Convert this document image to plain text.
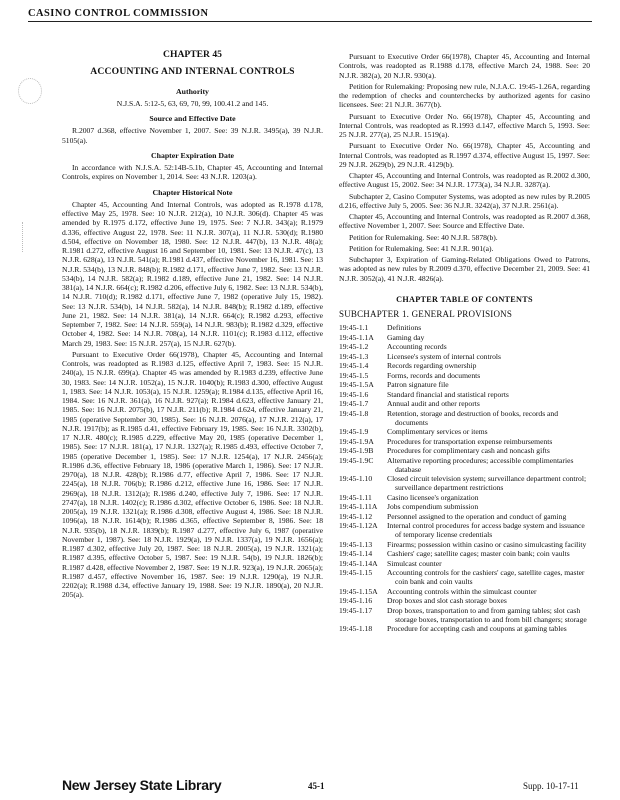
CASINO CONTROL COMMISSION
CHAPTER 45
ACCOUNTING AND INTERNAL CONTROLS
Authority
N.J.S.A. 5:12-5, 63, 69, 70, 99, 100.41.2 and 145.
Source and Effective Date

R.2007 d.368, effective November 1, 2007. See: 39 N.J.R. 3495(a), 39 N.J.R. 5105(a).

Chapter Expiration Date

In accordance with N.J.S.A. 52:14B-5.1b, Chapter 45, Accounting and Internal Controls, expires on November 1, 2014. See: 43 N.J.R. 1203(a).

Chapter Historical Note

Chapter 45, Accounting And Internal Controls, was adopted as R.1978 d.178, effective May 25, 1978. See: 10 N.J.R. 212(a), 10 N.J.R. 306(d). Chapter 45 was amended by R.1975 d.172, effective June 19, 1975. See: 7 N.J.R. 343(a); R.1979 d.336, effective August 22, 1978. See: 11 N.J.R. 307(a), 11 N.J.R. 530(d); R.1980 d.504, effective on November 18, 1980. See: 12 N.J.R. 447(b), 13 N.J.R. 48(a); R.1981 d.272, effective August 16 and September 10, 1981. See: 13 N.J.R. 47(c), 13 N.J.R. 628(a), 13 N.J.R. 541(a); R.1981 d.437, effective November 16, 1981. See: 13 N.J.R. 534(b), 13 N.J.R. 848(b); R.1982 d.171, effective June 7, 1982. See: 13 N.J.R. 534(b), 14 N.J.R. 582(a); R.1982 d.189, effective June 21, 1982. See: 14 N.J.R. 381(a), 14 N.J.R. 664(c); R.1982 d.206, effective July 6, 1982. See: 13 N.J.R. 534(b), 14 N.J.R. 710(d); R.1982 d.171, effective June 7, 1982 (operative July 15, 1982). See: 13 N.J.R. 534(b), 14 N.J.R. 582(a), 14 N.J.R. 848(b); R.1982 d.189, effective June 21, 1982. See: 14 N.J.R. 381(a), 14 N.J.R. 664(c); R.1982 d.293, effective September 7, 1982. See: 14 N.J.R. 559(a), 14 N.J.R. 983(b); R.1982 d.329, effective October 4, 1982. See: 14 N.J.R. 708(a), 14 N.J.R. 1101(c); R.1983 d.112, effective March 29, 1983. See: 15 N.J.R. 257(a), 15 N.J.R. 627(b).

Pursuant to Executive Order 66(1978), Chapter 45, Accounting and Internal Controls, was readopted as R.1983 d.125, effective April 7, 1983. See: 15 N.J.R. 240(a), 15 N.J.R. 699(a). Chapter 45 was amended by R.1983 d.239, effective June 30, 1983. See: 14 N.J.R. 1052(a), 15 N.J.R. 1040(b); R.1983 d.300, effective August 1, 1983. See: 14 N.J.R. 1053(a), 15 N.J.R. 1259(a); R.1984 d.135, effective April 16, 1984. See: 16 N.J.R. 361(a), 16 N.J.R. 927(a); R.1984 d.623, effective January 21, 1985. See: 16 N.J.R. 2075(b), 17 N.J.R. 211(b); R.1984 d.624, effective January 21, 1985 (operative September 30, 1985). See: 16 N.J.R. 2076(a), 17 N.J.R. 212(a), 17 N.J.R. 1917(b); as R.1985 d.41, effective February 19, 1985. See: 16 N.J.R. 3302(b), 17 N.J.R. 480(c); R.1985 d.229, effective May 20, 1985 (operative December 1, 1985). See: 17 N.J.R. 181(a), 17 N.J.R. 1327(a); R.1985 d.493, effective October 7, 1985 (operative December 1, 1985). See: 17 N.J.R. 1254(a), 17 N.J.R. 2456(a); R.1986 d.36, effective February 18, 1986 (operative March 1, 1986). See: 17 N.J.R. 2970(a), 18 N.J.R. 428(b); R.1986 d.77, effective April 7, 1986. See: 17 N.J.R. 2245(a), 18 N.J.R. 706(b); R.1986 d.212, effective June 16, 1986. See: 17 N.J.R. 2969(a), 18 N.J.R. 1312(a); R.1986 d.240, effective July 7, 1986. See: 17 N.J.R. 2747(a), 18 N.J.R. 1402(c); R.1986 d.302, effective October 6, 1986. See: 18 N.J.R. 2005(a), 19 N.J.R. 1321(a); R.1986 d.308, effective August 4, 1986. See: 18 N.J.R. 1096(a), 18 N.J.R. 1614(b); R.1986 d.365, effective September 8, 1986. See: 18 N.J.R. 935(b), 18 N.J.R. 1839(b); R.1987 d.277, effective July 6, 1987 (operative November 1, 1987). See: 18 N.J.R. 1929(a), 19 N.J.R. 1337(a), 19 N.J.R. 1656(a); R.1987 d.302, effective July 20, 1987. See: 18 N.J.R. 2005(a), 19 N.J.R. 1321(a); R.1987 d.395, effective October 5, 1987. See: 19 N.J.R. 54(b), 19 N.J.R. 1826(b); R.1987 d.428, effective November 2, 1987. See: 19 N.J.R. 923(a), 19 N.J.R. 2065(a); R.1987 d.457, effective November 16, 1987. See: 19 N.J.R. 1290(a), 19 N.J.R. 2202(a); R.1988 d.34, effective January 19, 1988. See: 19 N.J.R. 1890(a), 20 N.J.R. 205(a).

Pursuant to Executive Order 66(1978), Chapter 45, Accounting and Internal Controls, was readopted as R.1988 d.178, effective March 24, 1988. See: 20 N.J.R. 382(a), 20 N.J.R. 930(a).

Petition for Rulemaking: Proposing new rule, N.J.A.C. 19:45-1.26A, regarding the redemption of checks and counterchecks by authorized agents for casino licensees. See: 21 N.J.R. 3677(b).

Pursuant to Executive Order No. 66(1978), Chapter 45, Accounting and Internal Controls, was readopted as R.1993 d.147, effective March 5, 1993. See: 25 N.J.R. 277(a), 25 N.J.R. 1519(a).

Pursuant to Executive Order No. 66(1978), Chapter 45, Accounting and Internal Controls, was readopted as R.1997 d.374, effective August 15, 1997. See: 29 N.J.R. 2629(b), 29 N.J.R. 4129(b).

Chapter 45, Accounting and Internal Controls, was readopted as R.2002 d.300, effective August 15, 2002. See: 34 N.J.R. 1773(a), 34 N.J.R. 3287(a).

Subchapter 2, Casino Computer Systems, was adopted as new rules by R.2005 d.216, effective July 5, 2005. See: 36 N.J.R. 3242(a), 37 N.J.R. 2561(a).

Chapter 45, Accounting and Internal Controls, was readopted as R.2007 d.368, effective November 1, 2007. See: Source and Effective Date.

Petition for Rulemaking. See: 40 N.J.R. 5878(b).

Petition for Rulemaking. See: 41 N.J.R. 901(a).

Subchapter 3, Expiration of Gaming-Related Obligations Owed to Patrons, was adopted as new rules by R.2009 d.370, effective December 21, 2009. See: 41 N.J.R. 3052(a), 41 N.J.R. 4826(a).

CHAPTER TABLE OF CONTENTS
SUBCHAPTER 1. GENERAL PROVISIONS
19:45-1.1	Definitions
19:45-1.1A	Gaming day
19:45-1.2	Accounting records
19:45-1.3	Licensee's system of internal controls
19:45-1.4	Records regarding ownership
19:45-1.5	Forms, records and documents
19:45-1.5A	Patron signature file
19:45-1.6	Standard financial and statistical reports
19:45-1.7	Annual audit and other reports
19:45-1.8	Retention, storage and destruction of books, records and documents
19:45-1.9	Complimentary services or items
19:45-1.9A	Procedures for transportation expense reimbursements
19:45-1.9B	Procedures for complimentary cash and noncash gifts
19:45-1.9C	Alternative reporting procedures; accessible complimentaries database
19:45-1.10	Closed circuit television system; surveillance department control; surveillance department restrictions
19:45-1.11	Casino licensee's organization
19:45-1.11A	Jobs compendium submission
19:45-1.12	Personnel assigned to the operation and conduct of gaming
19:45-1.12A	Internal control procedures for access badge system and issuance of temporary license credentials
19:45-1.13	Firearms; possession within casino or casino simulcasting facility
19:45-1.14	Cashiers' cage; satellite cages; master coin bank; coin vaults
19:45-1.14A	Simulcast counter
19:45-1.15	Accounting controls for the cashiers' cage, satellite cages, master coin bank and coin vaults
19:45-1.15A	Accounting controls within the simulcast counter
19:45-1.16	Drop boxes and slot cash storage boxes
19:45-1.17	Drop boxes, transportation to and from gaming tables; slot cash storage boxes, transportation to and from bill changers; storage
19:45-1.18	Procedure for accepting cash and coupons at gaming tables
New Jersey State Library	45-1	Supp. 10-17-11
